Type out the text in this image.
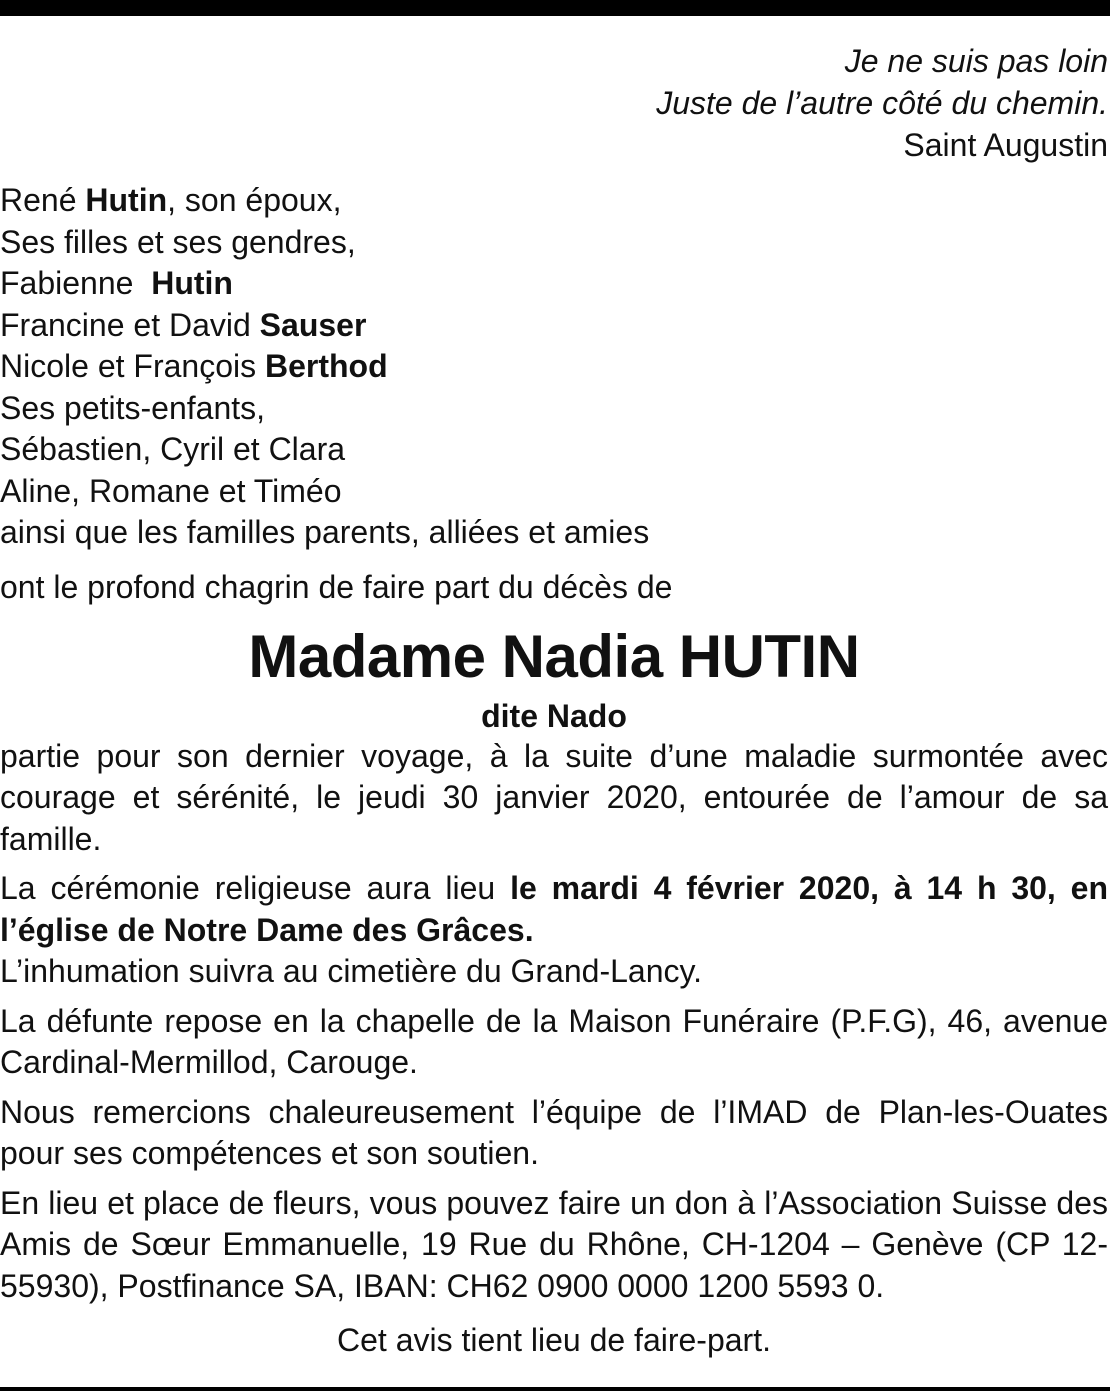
Je ne suis pas loin
Juste de l’autre côté du chemin.
Saint Augustin
René Hutin, son époux,
Ses filles et ses gendres,
Fabienne  Hutin
Francine et David Sauser
Nicole et François Berthod
Ses petits-enfants,
Sébastien, Cyril et Clara
Aline, Romane et Timéo
ainsi que les familles parents, alliées et amies
ont le profond chagrin de faire part du décès de
Madame Nadia HUTIN
dite Nado
partie pour son dernier voyage, à la suite d’une maladie surmontée avec courage et sérénité, le jeudi 30 janvier 2020, entourée de l’amour de sa famille.
La cérémonie religieuse aura lieu le mardi 4 février 2020, à 14 h 30, en l’église de Notre Dame des Grâces.
L’inhumation suivra au cimetière du Grand-Lancy.
La défunte repose en la chapelle de la Maison Funéraire (P.F.G), 46, avenue Cardinal-Mermillod, Carouge.
Nous remercions chaleureusement l’équipe de l’IMAD de Plan-les-Ouates pour ses compétences et son soutien.
En lieu et place de fleurs, vous pouvez faire un don à l’Association Suisse des Amis de Sœur Emmanuelle, 19 Rue du Rhône, CH-1204 – Genève (CP 12-55930), Postfinance SA, IBAN: CH62 0900 0000 1200 5593 0.
Cet avis tient lieu de faire-part.
